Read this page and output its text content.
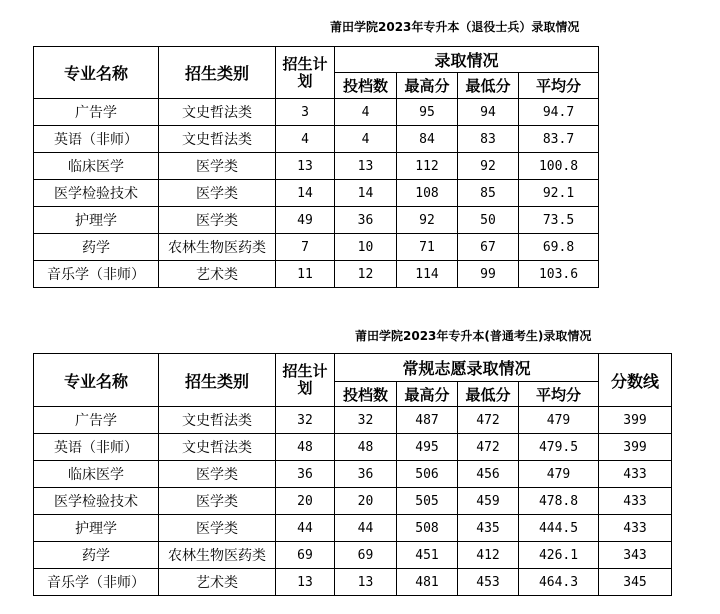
莆田学院2023年专升本（退役士兵）录取情况
专业名称	招生类别	招生计划	录取情况			
			投档数	最高分	最低分	平均分
广告学	文史哲法类	3	4	95	94	94.7
英语（非师）	文史哲法类	4	4	84	83	83.7
临床医学	医学类	13	13	112	92	100.8
医学检验技术	医学类	14	14	108	85	92.1
护理学	医学类	49	36	92	50	73.5
药学	农林生物医药类	7	10	71	67	69.8
音乐学（非师）	艺术类	11	12	114	99	103.6
莆田学院2023年专升本(普通考生)录取情况
专业名称	招生类别	招生计划	常规志愿录取情况				分数线
			投档数	最高分	最低分	平均分	
广告学	文史哲法类	32	32	487	472	479	399
英语（非师）	文史哲法类	48	48	495	472	479.5	399
临床医学	医学类	36	36	506	456	479	433
医学检验技术	医学类	20	20	505	459	478.8	433
护理学	医学类	44	44	508	435	444.5	433
药学	农林生物医药类	69	69	451	412	426.1	343
音乐学（非师）	艺术类	13	13	481	453	464.3	345
